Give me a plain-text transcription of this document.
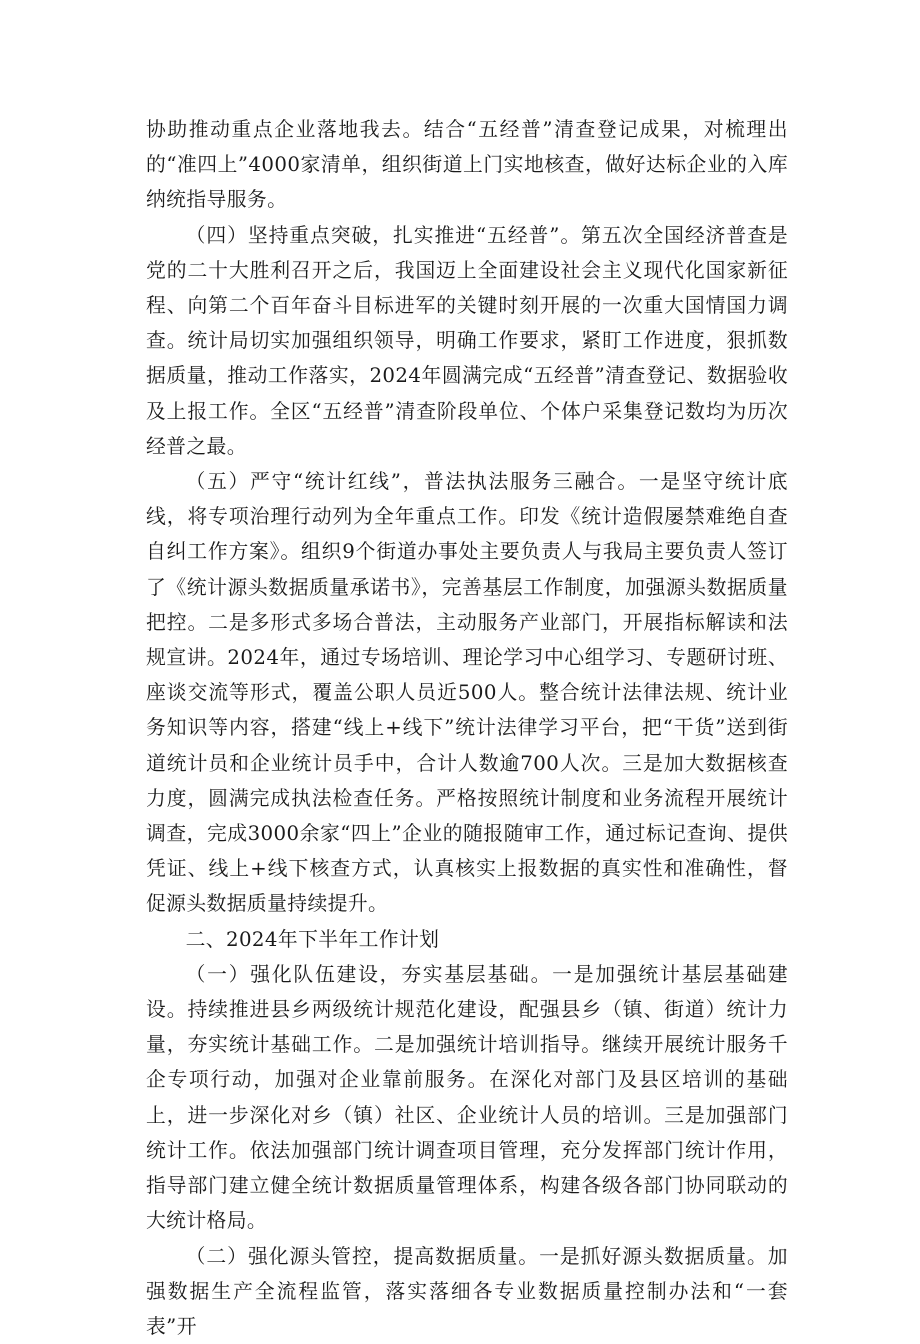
协助推动重点企业落地我去。结合“五经普”清查登记成果，对梳理出的“准四上”4000家清单，组织街道上门实地核查，做好达标企业的入库纳统指导服务。

（四）坚持重点突破，扎实推进“五经普”。第五次全国经济普查是党的二十大胜利召开之后，我国迈上全面建设社会主义现代化国家新征程、向第二个百年奋斗目标进军的关键时刻开展的一次重大国情国力调查。统计局切实加强组织领导，明确工作要求，紧盯工作进度，狠抓数据质量，推动工作落实，2024年圆满完成“五经普”清查登记、数据验收及上报工作。全区“五经普”清查阶段单位、个体户采集登记数均为历次经普之最。

（五）严守“统计红线”，普法执法服务三融合。一是坚守统计底线，将专项治理行动列为全年重点工作。印发《统计造假屡禁难绝自查自纠工作方案》。组织9个街道办事处主要负责人与我局主要负责人签订了《统计源头数据质量承诺书》，完善基层工作制度，加强源头数据质量把控。二是多形式多场合普法，主动服务产业部门，开展指标解读和法规宣讲。2024年，通过专场培训、理论学习中心组学习、专题研讨班、座谈交流等形式，覆盖公职人员近500人。整合统计法律法规、统计业务知识等内容，搭建“线上+线下”统计法律学习平台，把“干货”送到街道统计员和企业统计员手中，合计人数逾700人次。三是加大数据核查力度，圆满完成执法检查任务。严格按照统计制度和业务流程开展统计调查，完成3000余家“四上”企业的随报随审工作，通过标记查询、提供凭证、线上+线下核查方式，认真核实上报数据的真实性和准确性，督促源头数据质量持续提升。

二、2024年下半年工作计划

（一）强化队伍建设，夯实基层基础。一是加强统计基层基础建设。持续推进县乡两级统计规范化建设，配强县乡（镇、街道）统计力量，夯实统计基础工作。二是加强统计培训指导。继续开展统计服务千企专项行动，加强对企业靠前服务。在深化对部门及县区培训的基础上，进一步深化对乡（镇）社区、企业统计人员的培训。三是加强部门统计工作。依法加强部门统计调查项目管理，充分发挥部门统计作用，指导部门建立健全统计数据质量管理体系，构建各级各部门协同联动的大统计格局。

（二）强化源头管控，提高数据质量。一是抓好源头数据质量。加强数据生产全流程监管，落实落细各专业数据质量控制办法和“一套表”开
